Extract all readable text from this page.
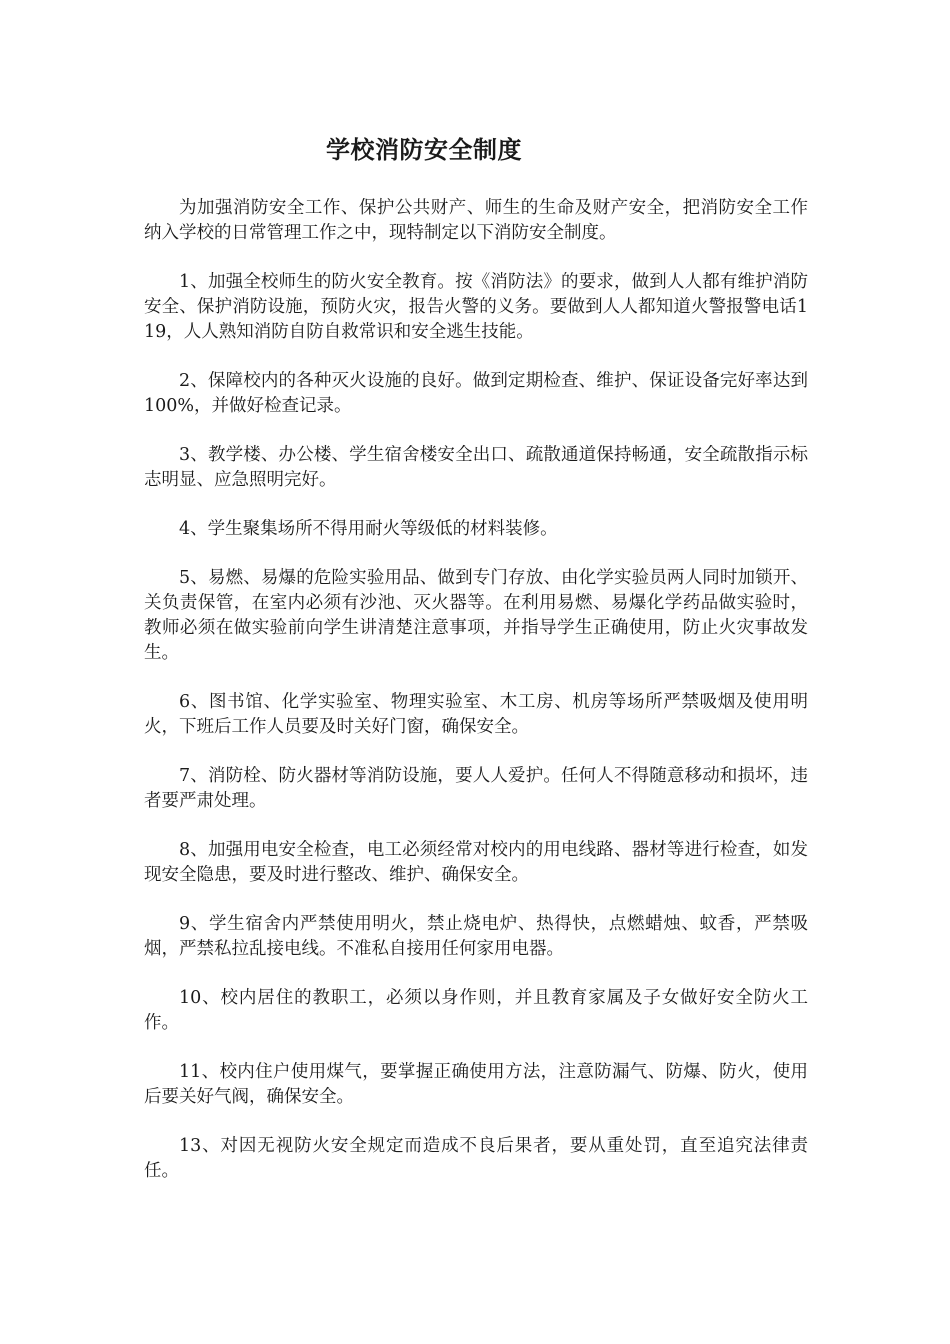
学校消防安全制度

为加强消防安全工作、保护公共财产、师生的生命及财产安全，把消防安全工作纳入学校的日常管理工作之中，现特制定以下消防安全制度。

1、加强全校师生的防火安全教育。按《消防法》的要求，做到人人都有维护消防安全、保护消防设施，预防火灾，报告火警的义务。要做到人人都知道火警报警电话119，人人熟知消防自防自救常识和安全逃生技能。

2、保障校内的各种灭火设施的良好。做到定期检查、维护、保证设备完好率达到100%，并做好检查记录。

3、教学楼、办公楼、学生宿舍楼安全出口、疏散通道保持畅通，安全疏散指示标志明显、应急照明完好。

4、学生聚集场所不得用耐火等级低的材料装修。

5、易燃、易爆的危险实验用品、做到专门存放、由化学实验员两人同时加锁开、关负责保管，在室内必须有沙池、灭火器等。在利用易燃、易爆化学药品做实验时，教师必须在做实验前向学生讲清楚注意事项，并指导学生正确使用，防止火灾事故发生。

6、图书馆、化学实验室、物理实验室、木工房、机房等场所严禁吸烟及使用明火，下班后工作人员要及时关好门窗，确保安全。

7、消防栓、防火器材等消防设施，要人人爱护。任何人不得随意移动和损坏，违者要严肃处理。

8、加强用电安全检查，电工必须经常对校内的用电线路、器材等进行检查，如发现安全隐患，要及时进行整改、维护、确保安全。

9、学生宿舍内严禁使用明火，禁止烧电炉、热得快，点燃蜡烛、蚊香，严禁吸烟，严禁私拉乱接电线。不准私自接用任何家用电器。

10、校内居住的教职工，必须以身作则，并且教育家属及子女做好安全防火工作。

11、校内住户使用煤气，要掌握正确使用方法，注意防漏气、防爆、防火，使用后要关好气阀，确保安全。

13、对因无视防火安全规定而造成不良后果者，要从重处罚，直至追究法律责任。
